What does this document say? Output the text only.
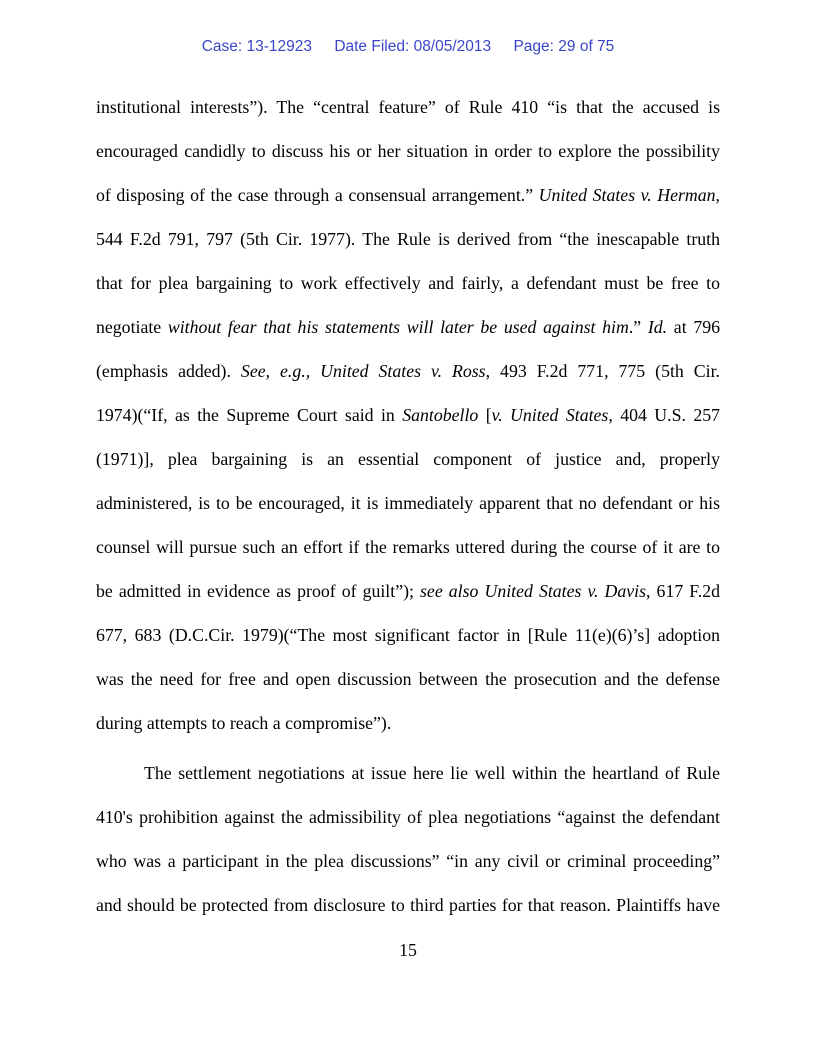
Case: 13-12923 Date Filed: 08/05/2013 Page: 29 of 75
institutional interests”). The “central feature” of Rule 410 “is that the accused is
encouraged candidly to discuss his or her situation in order to explore the possibility
of disposing of the case through a consensual arrangement.” United States v. Herman,
544 F.2d 791, 797 (5th Cir. 1977). The Rule is derived from “the inescapable truth
that for plea bargaining to work effectively and fairly, a defendant must be free to
negotiate without fear that his statements will later be used against him.” Id. at 796
(emphasis added). See, e.g., United States v. Ross, 493 F.2d 771, 775 (5th Cir.
1974)(“If, as the Supreme Court said in Santobello [v. United States, 404 U.S. 257
(1971)], plea bargaining is an essential component of justice and, properly
administered, is to be encouraged, it is immediately apparent that no defendant or his
counsel will pursue such an effort if the remarks uttered during the course of it are to
be admitted in evidence as proof of guilt”); see also United States v. Davis, 617 F.2d
677, 683 (D.C.Cir. 1979)(“The most significant factor in [Rule 11(e)(6)’s] adoption
was the need for free and open discussion between the prosecution and the defense
during attempts to reach a compromise”).
The settlement negotiations at issue here lie well within the heartland of Rule
410's prohibition against the admissibility of plea negotiations “against the defendant
who was a participant in the plea discussions” “in any civil or criminal proceeding”
and should be protected from disclosure to third parties for that reason. Plaintiffs have
15
